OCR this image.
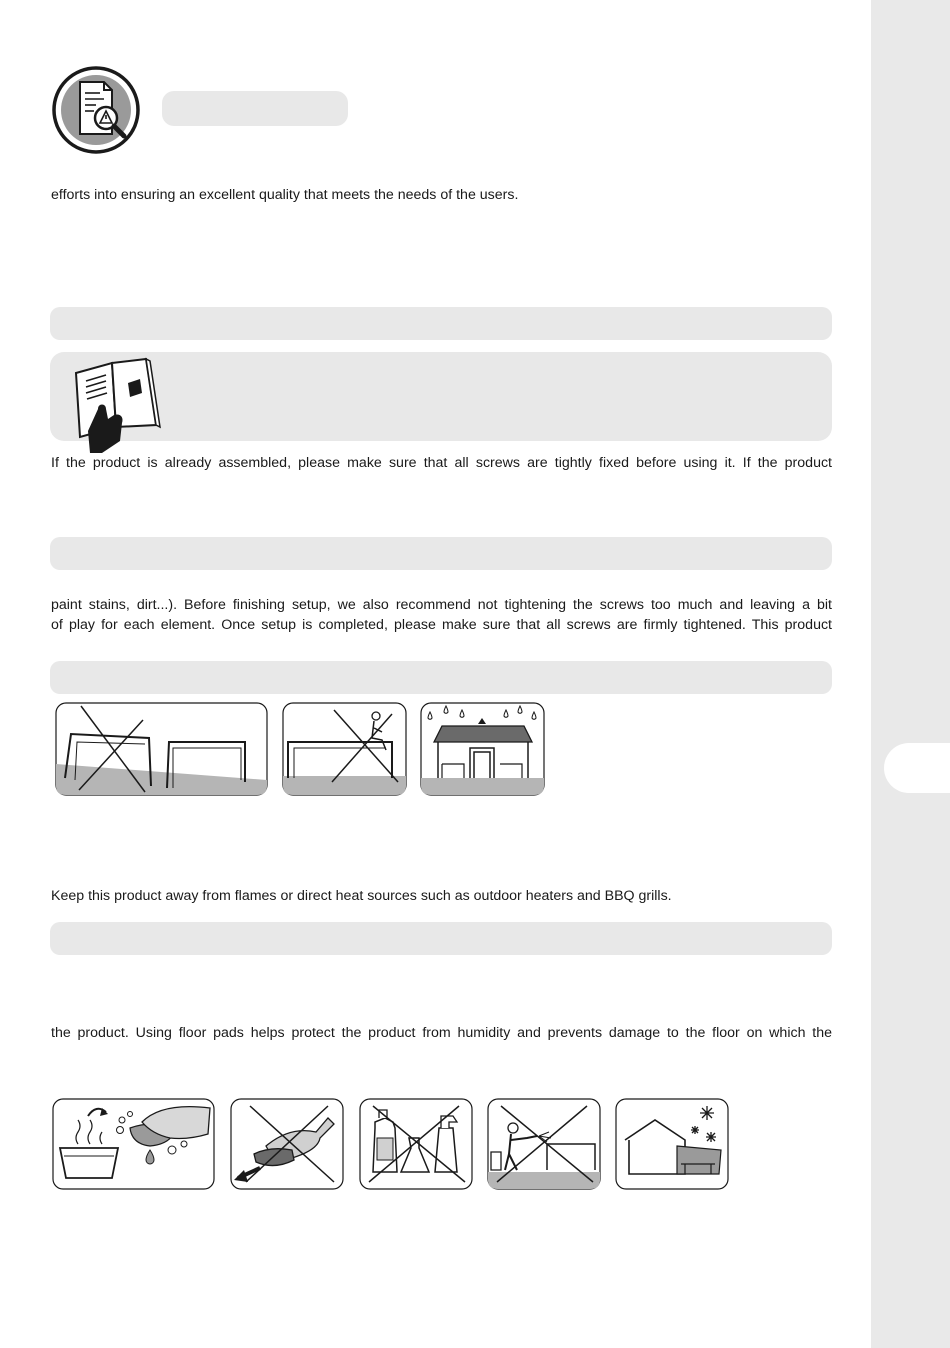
efforts into ensuring an excellent quality that meets the needs of the users.
If the product is already assembled, please make sure that all screws are tightly fixed before using it. If the product
paint stains, dirt...). Before finishing setup, we also recommend not tightening the screws too much and leaving a bit
of play for each element. Once setup is completed, please make sure that all screws are firmly tightened. This product
Keep this product away from flames or direct heat sources such as outdoor heaters and BBQ grills.
the product. Using floor pads helps protect the product from humidity and prevents damage to the floor on which the
